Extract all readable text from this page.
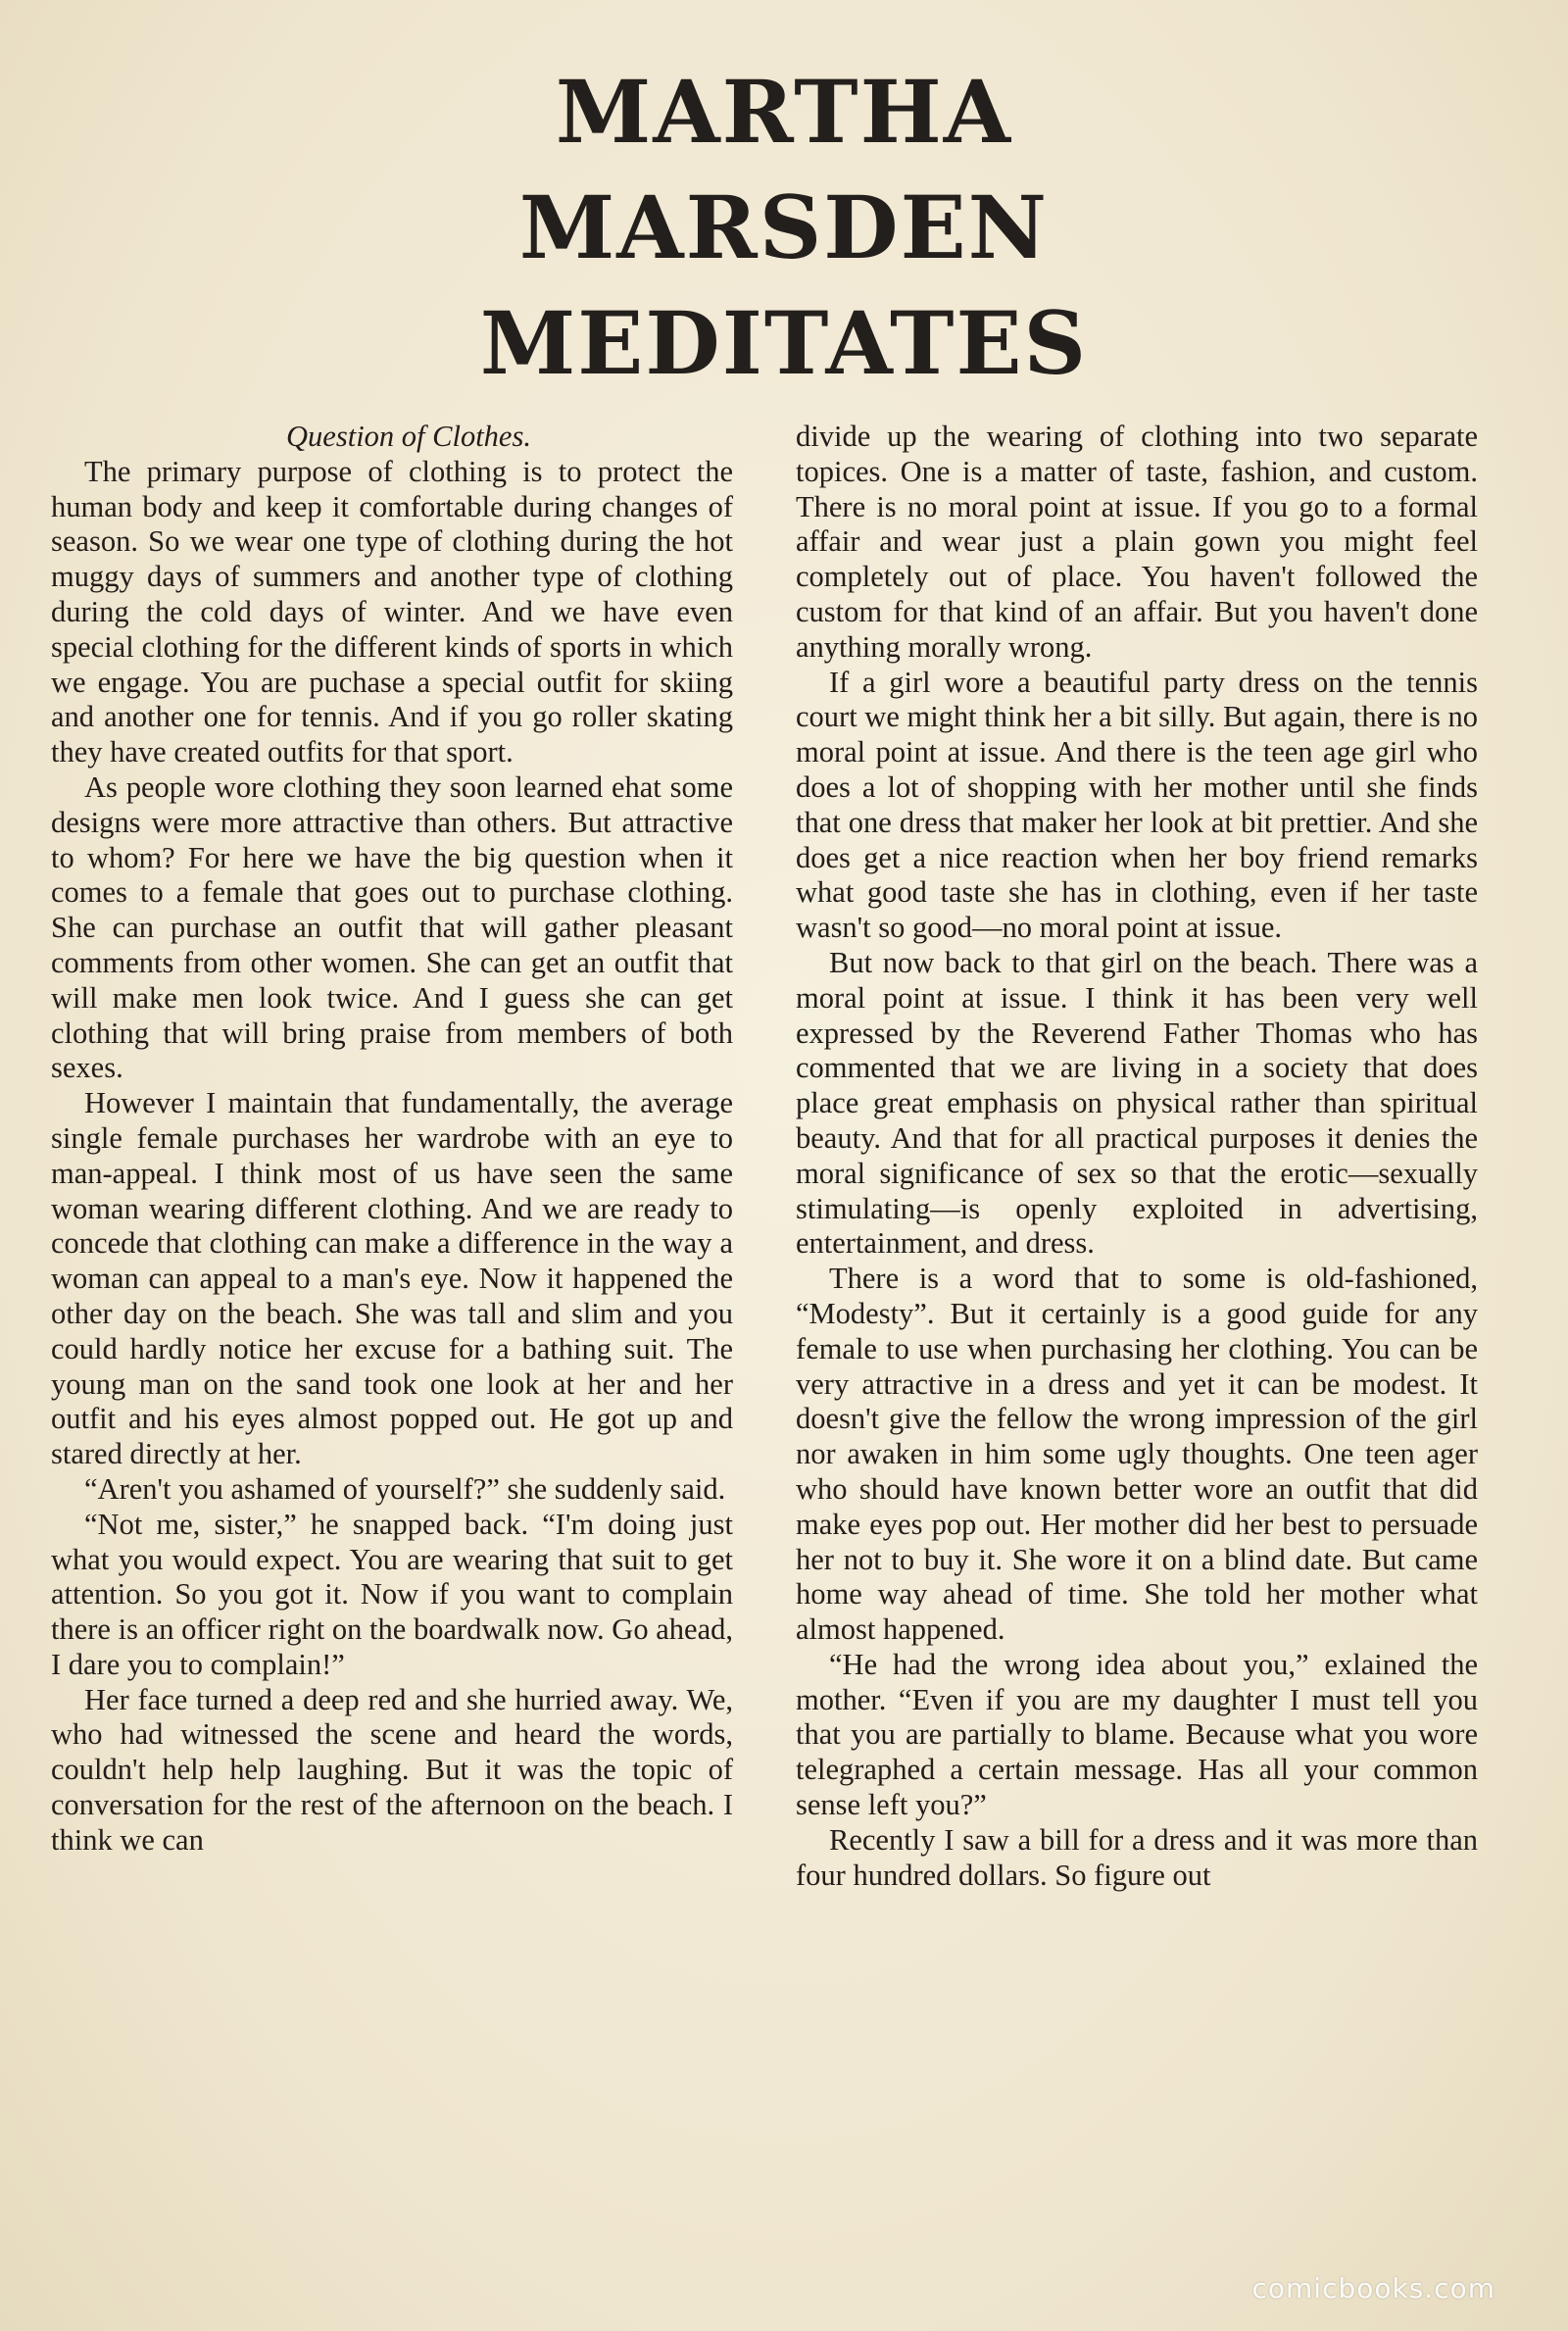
MARTHA
MARSDEN
MEDITATES

Question of Clothes.

The primary purpose of clothing is to protect the human body and keep it comfortable during changes of season. So we wear one type of clothing during the hot muggy days of summers and another type of clothing during the cold days of winter. And we have even special clothing for the different kinds of sports in which we engage. You are puchase a special outfit for skiing and another one for tennis. And if you go roller skating they have created outfits for that sport.

As people wore clothing they soon learned ehat some designs were more attractive than others. But attractive to whom? For here we have the big question when it comes to a female that goes out to purchase clothing. She can purchase an outfit that will gather pleasant comments from other women. She can get an outfit that will make men look twice. And I guess she can get clothing that will bring praise from members of both sexes.

However I maintain that fundamentally, the average single female purchases her wardrobe with an eye to man-appeal. I think most of us have seen the same woman wearing different clothing. And we are ready to concede that clothing can make a difference in the way a woman can appeal to a man's eye. Now it happened the other day on the beach. She was tall and slim and you could hardly notice her excuse for a bathing suit. The young man on the sand took one look at her and her outfit and his eyes almost popped out. He got up and stared directly at her.

“Aren't you ashamed of yourself?” she suddenly said.

“Not me, sister,” he snapped back. “I'm doing just what you would expect. You are wearing that suit to get attention. So you got it. Now if you want to complain there is an officer right on the boardwalk now. Go ahead, I dare you to complain!”

Her face turned a deep red and she hurried away. We, who had witnessed the scene and heard the words, couldn't help help laughing. But it was the topic of conversation for the rest of the afternoon on the beach. I think we can

divide up the wearing of clothing into two separate topices. One is a matter of taste, fashion, and custom. There is no moral point at issue. If you go to a formal affair and wear just a plain gown you might feel completely out of place. You haven't followed the custom for that kind of an affair. But you haven't done anything morally wrong.

If a girl wore a beautiful party dress on the tennis court we might think her a bit silly. But again, there is no moral point at issue. And there is the teen age girl who does a lot of shopping with her mother until she finds that one dress that maker her look at bit prettier. And she does get a nice reaction when her boy friend remarks what good taste she has in clothing, even if her taste wasn't so good—no moral point at issue.

But now back to that girl on the beach. There was a moral point at issue. I think it has been very well expressed by the Reverend Father Thomas who has commented that we are living in a society that does place great emphasis on physical rather than spiritual beauty. And that for all practical purposes it denies the moral significance of sex so that the erotic—sexually stimulating—is openly exploited in advertising, entertainment, and dress.

There is a word that to some is old-fashioned, “Modesty”. But it certainly is a good guide for any female to use when purchasing her clothing. You can be very attractive in a dress and yet it can be modest. It doesn't give the fellow the wrong impression of the girl nor awaken in him some ugly thoughts. One teen ager who should have known better wore an outfit that did make eyes pop out. Her mother did her best to persuade her not to buy it. She wore it on a blind date. But came home way ahead of time. She told her mother what almost happened.

“He had the wrong idea about you,” exlained the mother. “Even if you are my daughter I must tell you that you are partially to blame. Because what you wore telegraphed a certain message. Has all your common sense left you?”

Recently I saw a bill for a dress and it was more than four hundred dollars. So figure out

comicbooks.com
